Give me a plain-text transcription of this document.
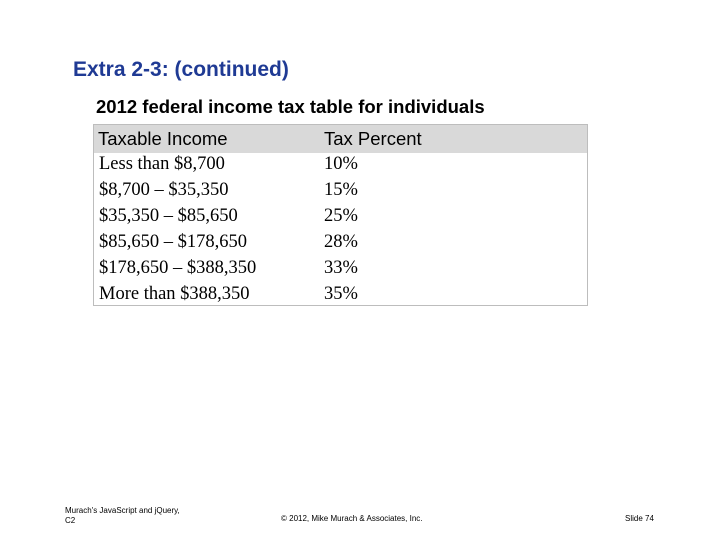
Extra 2-3: (continued)
2012 federal income tax table for individuals
Taxable Income	Tax Percent
Less than $8,700	10%
$8,700 – $35,350	15%
$35,350 – $85,650	25%
$85,650 – $178,650	28%
$178,650 – $388,350	33%
More than $388,350	35%
Murach's JavaScript and jQuery,
C2	© 2012, Mike Murach & Associates, Inc.	Slide 74
